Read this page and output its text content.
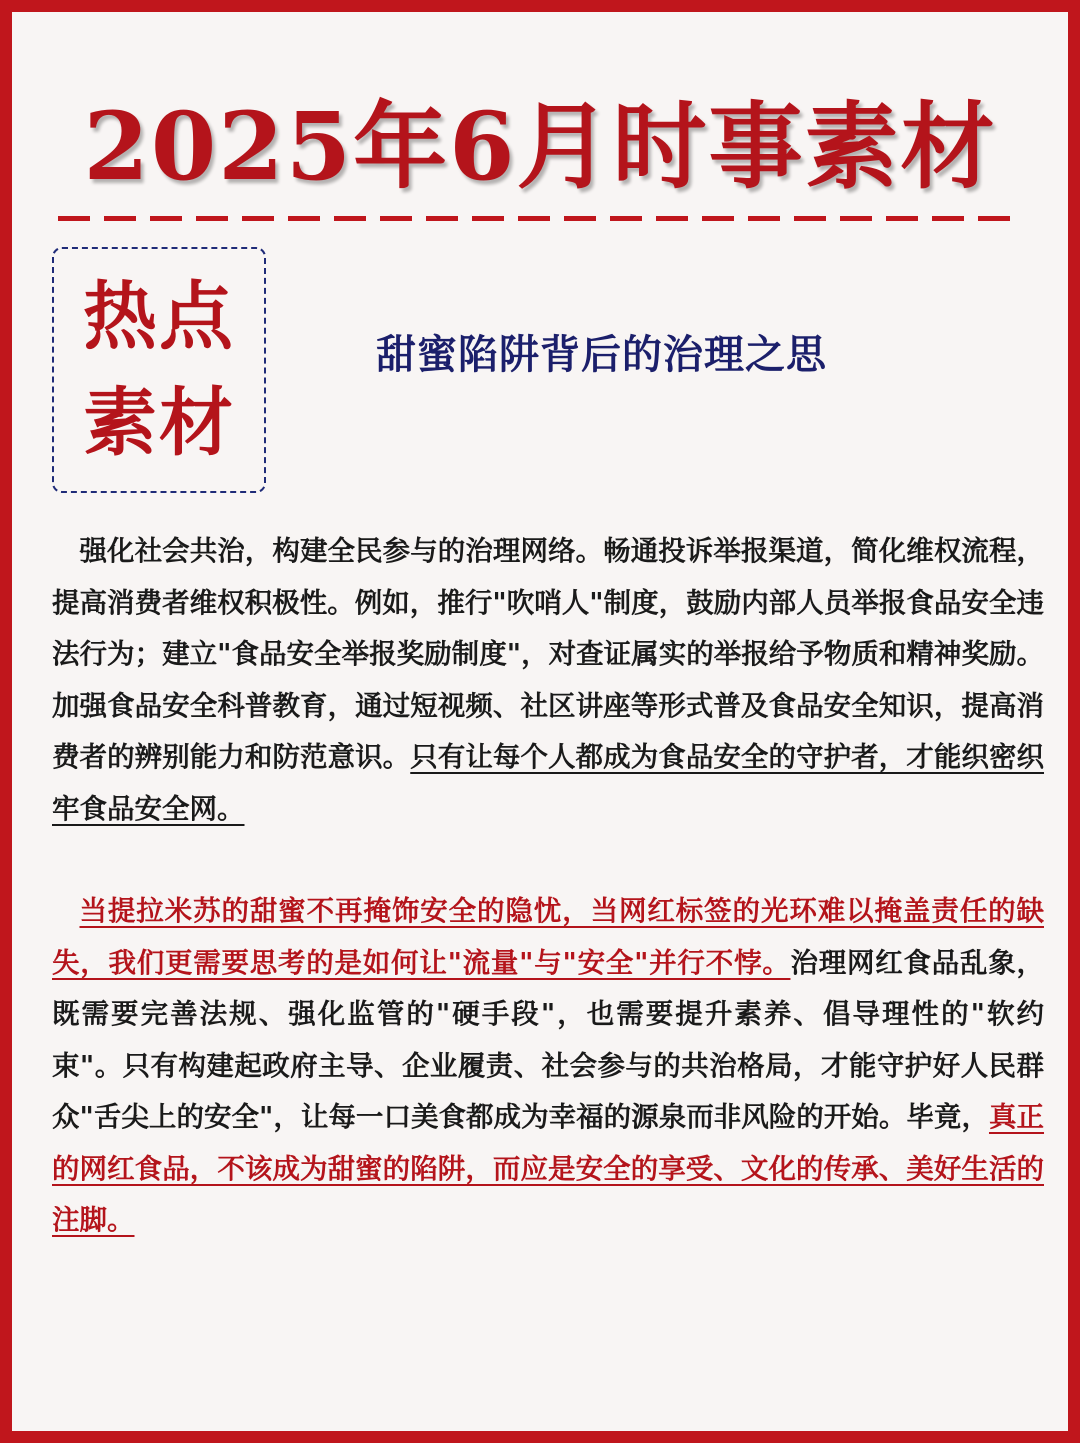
2025年6月时事素材
热点
素材
甜蜜陷阱背后的治理之思

强化社会共治，构建全民参与的治理网络。畅通投诉举报渠道，简化维权流程，提高消费者维权积极性。例如，推行"吹哨人"制度，鼓励内部人员举报食品安全违法行为；建立"食品安全举报奖励制度"，对查证属实的举报给予物质和精神奖励。加强食品安全科普教育，通过短视频、社区讲座等形式普及食品安全知识，提高消费者的辨别能力和防范意识。只有让每个人都成为食品安全的守护者，才能织密织牢食品安全网。

当提拉米苏的甜蜜不再掩饰安全的隐忧，当网红标签的光环难以掩盖责任的缺失，我们更需要思考的是如何让"流量"与"安全"并行不悖。治理网红食品乱象，既需要完善法规、强化监管的"硬手段"，也需要提升素养、倡导理性的"软约束"。只有构建起政府主导、企业履责、社会参与的共治格局，才能守护好人民群众"舌尖上的安全"，让每一口美食都成为幸福的源泉而非风险的开始。毕竟，真正的网红食品，不该成为甜蜜的陷阱，而应是安全的享受、文化的传承、美好生活的注脚。
